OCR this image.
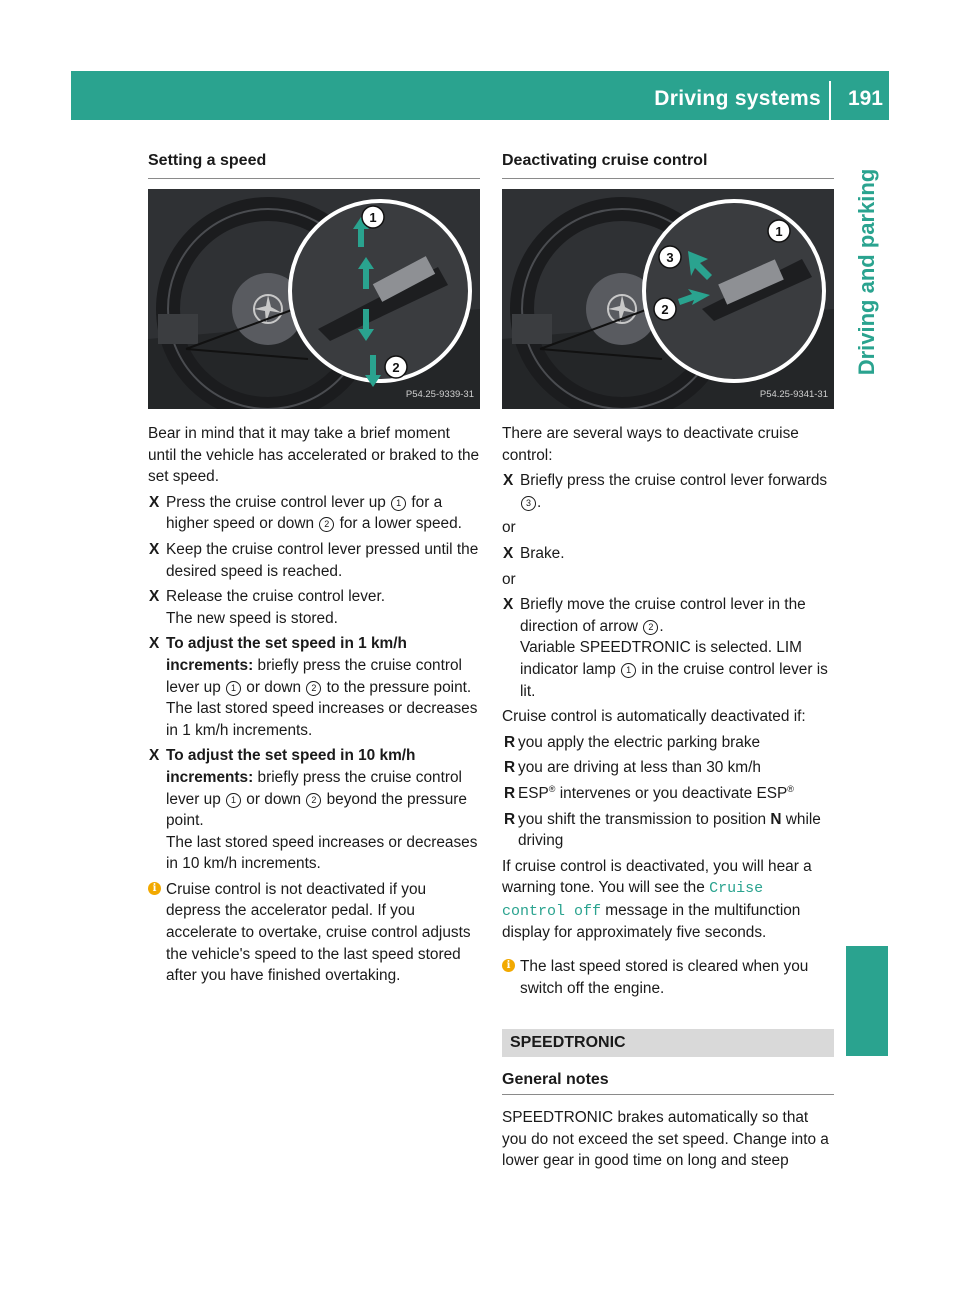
Driving systems 191
Driving and parking
Setting a speed
1
2
P54.25-9339-31

Bear in mind that it may take a brief moment until the vehicle has accelerated or braked to the set speed.

X Press the cruise control lever up 1 for a higher speed or down 2 for a lower speed.
X Keep the cruise control lever pressed until the desired speed is reached.
X Release the cruise control lever.
The new speed is stored.
X To adjust the set speed in 1 km/h increments: briefly press the cruise control lever up 1 or down 2 to the pressure point.
The last stored speed increases or decreases in 1 km/h increments.
X To adjust the set speed in 10 km/h increments: briefly press the cruise control lever up 1 or down 2 beyond the pressure point.
The last stored speed increases or decreases in 10 km/h increments.
i Cruise control is not deactivated if you depress the accelerator pedal. If you accelerate to overtake, cruise control adjusts the vehicle's speed to the last speed stored after you have finished overtaking.
Deactivating cruise control
1
2
3
P54.25-9341-31

There are several ways to deactivate cruise control:

X Briefly press the cruise control lever forwards 3 .

or

X Brake.

or

X Briefly move the cruise control lever in the direction of arrow 2 .
Variable SPEEDTRONIC is selected. LIM indicator lamp 1 in the cruise control lever is lit.

Cruise control is automatically deactivated if:

R you apply the electric parking brake
R you are driving at less than 30 km/h
R ESP® intervenes or you deactivate ESP®
R you shift the transmission to position N while driving

If cruise control is deactivated, you will hear a warning tone. You will see the Cruise control off message in the multifunction display for approximately five seconds.

i The last speed stored is cleared when you switch off the engine.
SPEEDTRONIC
General notes

SPEEDTRONIC brakes automatically so that you do not exceed the set speed. Change into a lower gear in good time on long and steep
